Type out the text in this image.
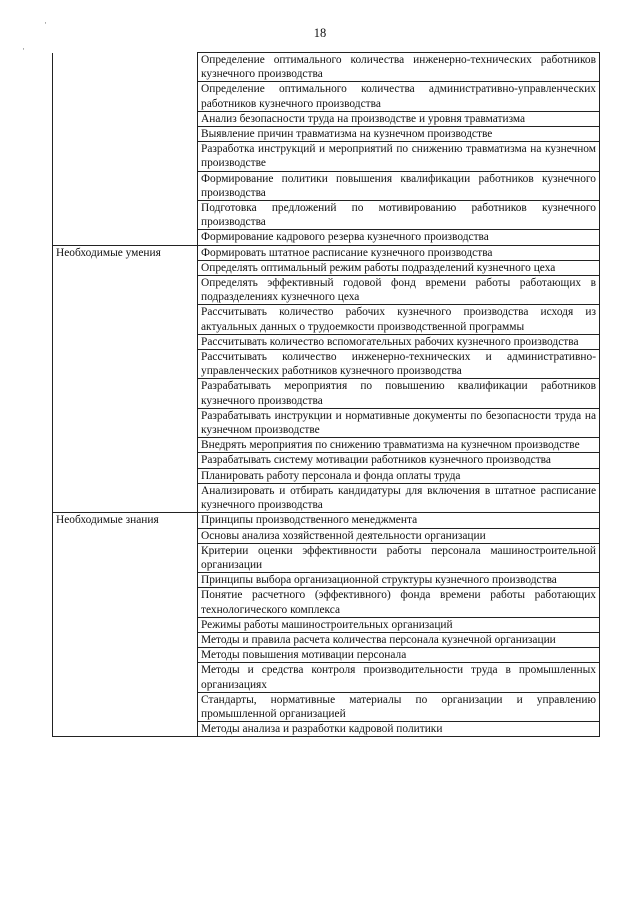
18
·
·
	Определение оптимального количества инженерно-технических работников кузнечного производства
	Определение оптимального количества административно-управленческих работников кузнечного производства
	Анализ безопасности труда на производстве и уровня травматизма
	Выявление причин травматизма на кузнечном производстве
	Разработка инструкций и мероприятий по снижению травматизма на кузнечном производстве
	Формирование политики повышения квалификации работников кузнечного производства
	Подготовка предложений по мотивированию работников кузнечного производства
	Формирование кадрового резерва кузнечного производства
Необходимые умения	Формировать штатное расписание кузнечного производства
	Определять оптимальный режим работы подразделений кузнечного цеха
	Определять эффективный годовой фонд времени работы работающих в подразделениях кузнечного цеха
	Рассчитывать количество рабочих кузнечного производства исходя из актуальных данных о трудоемкости производственной программы
	Рассчитывать количество вспомогательных рабочих кузнечного производства
	Рассчитывать количество инженерно-технических и административно-управленческих работников кузнечного производства
	Разрабатывать мероприятия по повышению квалификации работников кузнечного производства
	Разрабатывать инструкции и нормативные документы по безопасности труда на кузнечном производстве
	Внедрять мероприятия по снижению травматизма на кузнечном производстве
	Разрабатывать систему мотивации работников кузнечного производства
	Планировать работу персонала и фонда оплаты труда
	Анализировать и отбирать кандидатуры для включения в штатное расписание кузнечного производства
Необходимые знания	Принципы производственного менеджмента
	Основы анализа хозяйственной деятельности организации
	Критерии оценки эффективности работы персонала машиностроительной организации
	Принципы выбора организационной структуры кузнечного производства
	Понятие расчетного (эффективного) фонда времени работы работающих технологического комплекса
	Режимы работы машиностроительных организаций
	Методы и правила расчета количества персонала кузнечной организации
	Методы повышения мотивации персонала
	Методы и средства контроля производительности труда в промышленных организациях
	Стандарты, нормативные материалы по организации и управлению промышленной организацией
	Методы анализа и разработки кадровой политики
